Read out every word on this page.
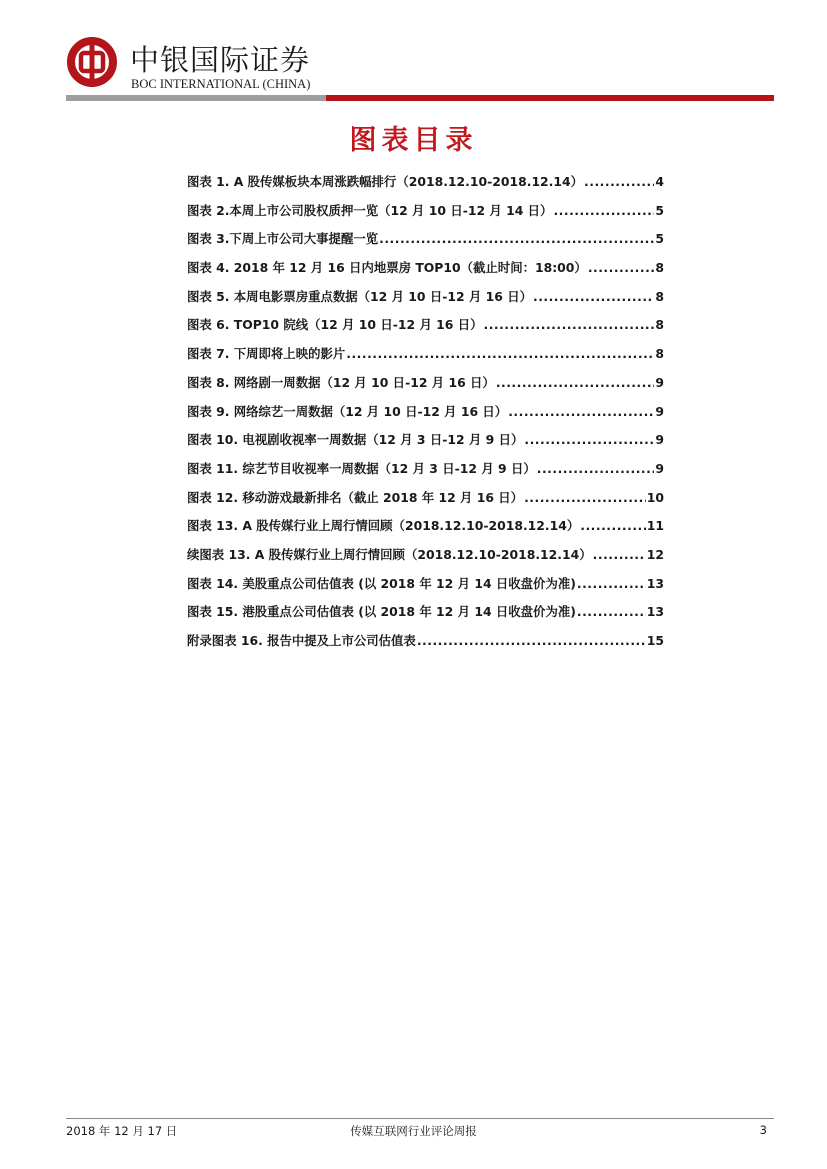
中银国际证券
BOC INTERNATIONAL (CHINA)
图表目录
图表 1. A 股传媒板块本周涨跌幅排行（2018.12.10-2018.12.14） .....	4
图表 2.本周上市公司股权质押一览（12 月 10 日-12 月 14 日） .....	5
图表 3.下周上市公司大事提醒一览 .....	5
图表 4. 2018 年 12 月 16 日内地票房 TOP10（截止时间：18:00） .....	8
图表 5. 本周电影票房重点数据（12 月 10 日-12 月 16 日） .....	8
图表 6. TOP10 院线（12 月 10 日-12 月 16 日） .....	8
图表 7. 下周即将上映的影片 .....	8
图表 8. 网络剧一周数据（12 月 10 日-12 月 16 日） .....	9
图表 9. 网络综艺一周数据（12 月 10 日-12 月 16 日） .....	9
图表 10. 电视剧收视率一周数据（12 月 3 日-12 月 9 日） .....	9
图表 11. 综艺节目收视率一周数据（12 月 3 日-12 月 9 日） .....	9
图表 12. 移动游戏最新排名（截止 2018 年 12 月 16 日） .....	10
图表 13. A 股传媒行业上周行情回顾（2018.12.10-2018.12.14） .....	11
续图表 13. A 股传媒行业上周行情回顾（2018.12.10-2018.12.14） .....	12
图表 14. 美股重点公司估值表 (以 2018 年 12 月 14 日收盘价为准) .....	13
图表 15. 港股重点公司估值表 (以 2018 年 12 月 14 日收盘价为准) .....	13
附录图表 16. 报告中提及上市公司估值表 .....	15
2018 年 12 月 17 日	传媒互联网行业评论周报	3
